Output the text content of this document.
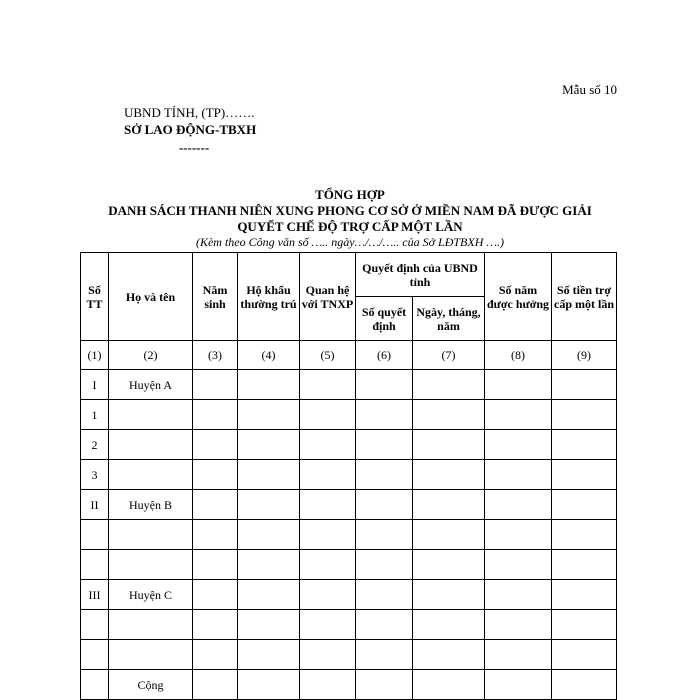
Mẫu số 10
UBND TỈNH, (TP)…….
SỞ LAO ĐỘNG-TBXH
-------
TỔNG HỢP
DANH SÁCH THANH NIÊN XUNG PHONG CƠ SỞ Ở MIỀN NAM ĐÃ ĐƯỢC GIẢI
QUYẾT CHẾ ĐỘ TRỢ CẤP MỘT LẦN
(Kèm theo Công văn số ….. ngày…/…/….. của Sở LĐTBXH ….)
Số TT	Họ và tên	Năm sinh	Hộ khẩu thường trú	Quan hệ với TNXP	Quyết định của UBND tỉnh		Số năm được hưởng	Số tiền trợ cấp một lần
					Số quyết định	Ngày, tháng, năm		
(1)	(2)	(3)	(4)	(5)	(6)	(7)	(8)	(9)
I	Huyện A							
1								
2								
3								
II	Huyện B							

III	Huyện C							

	Cộng							
